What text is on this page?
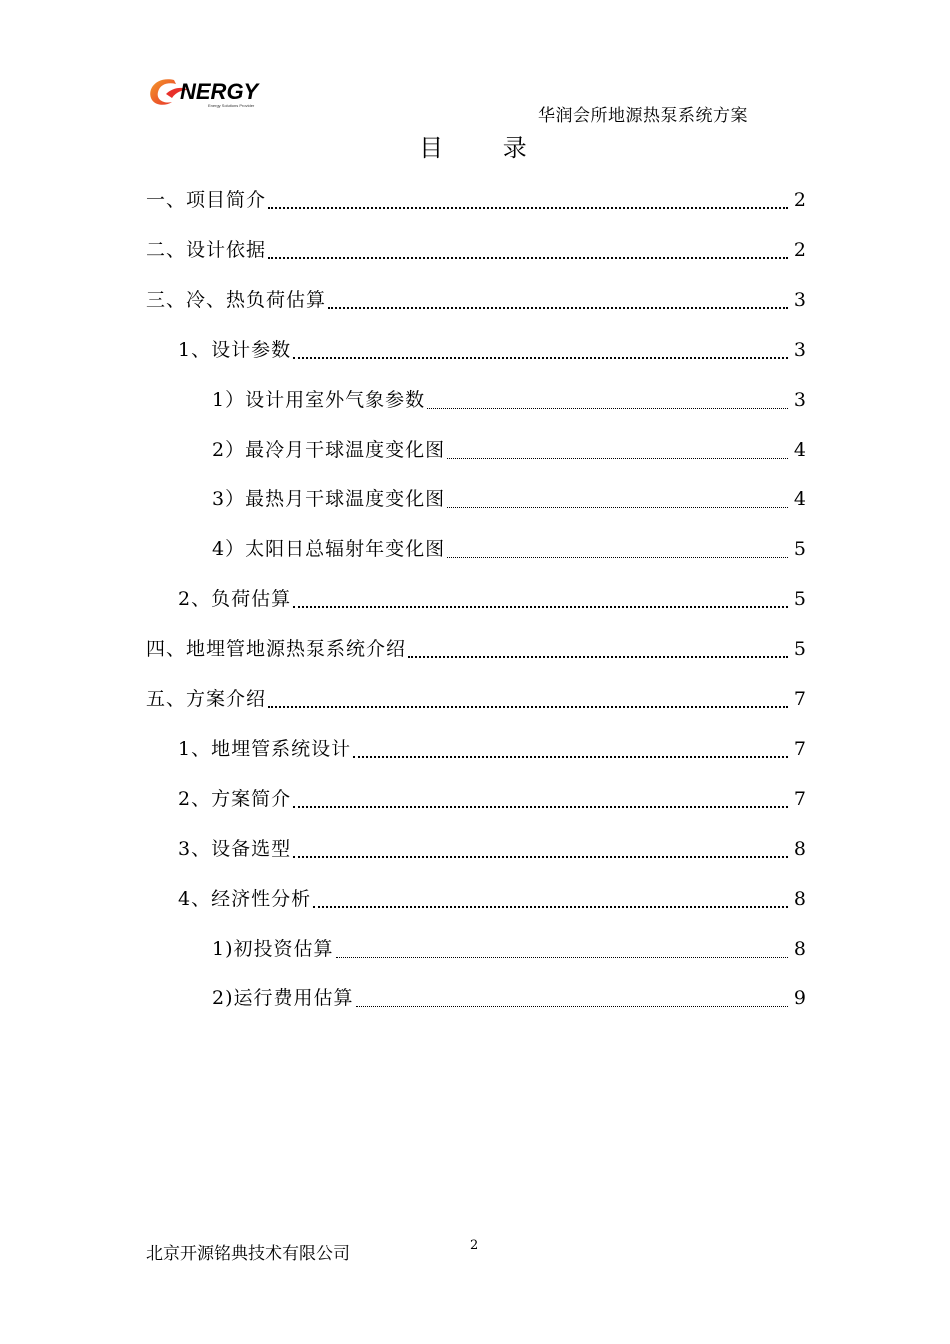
NERGY
Energy Solutions Provider
华润会所地源热泵系统方案
目 录
一、项目简介	2
二、设计依据	2
三、冷、热负荷估算	3
1、设计参数	3
1）设计用室外气象参数	3
2）最冷月干球温度变化图	4
3）最热月干球温度变化图	4
4）太阳日总辐射年变化图	5
2、负荷估算	5
四、地埋管地源热泵系统介绍	5
五、方案介绍	7
1、地埋管系统设计	7
2、方案简介	7
3、设备选型	8
4、经济性分析	8
1)初投资估算	8
2)运行费用估算	9
北京开源铭典技术有限公司	2
